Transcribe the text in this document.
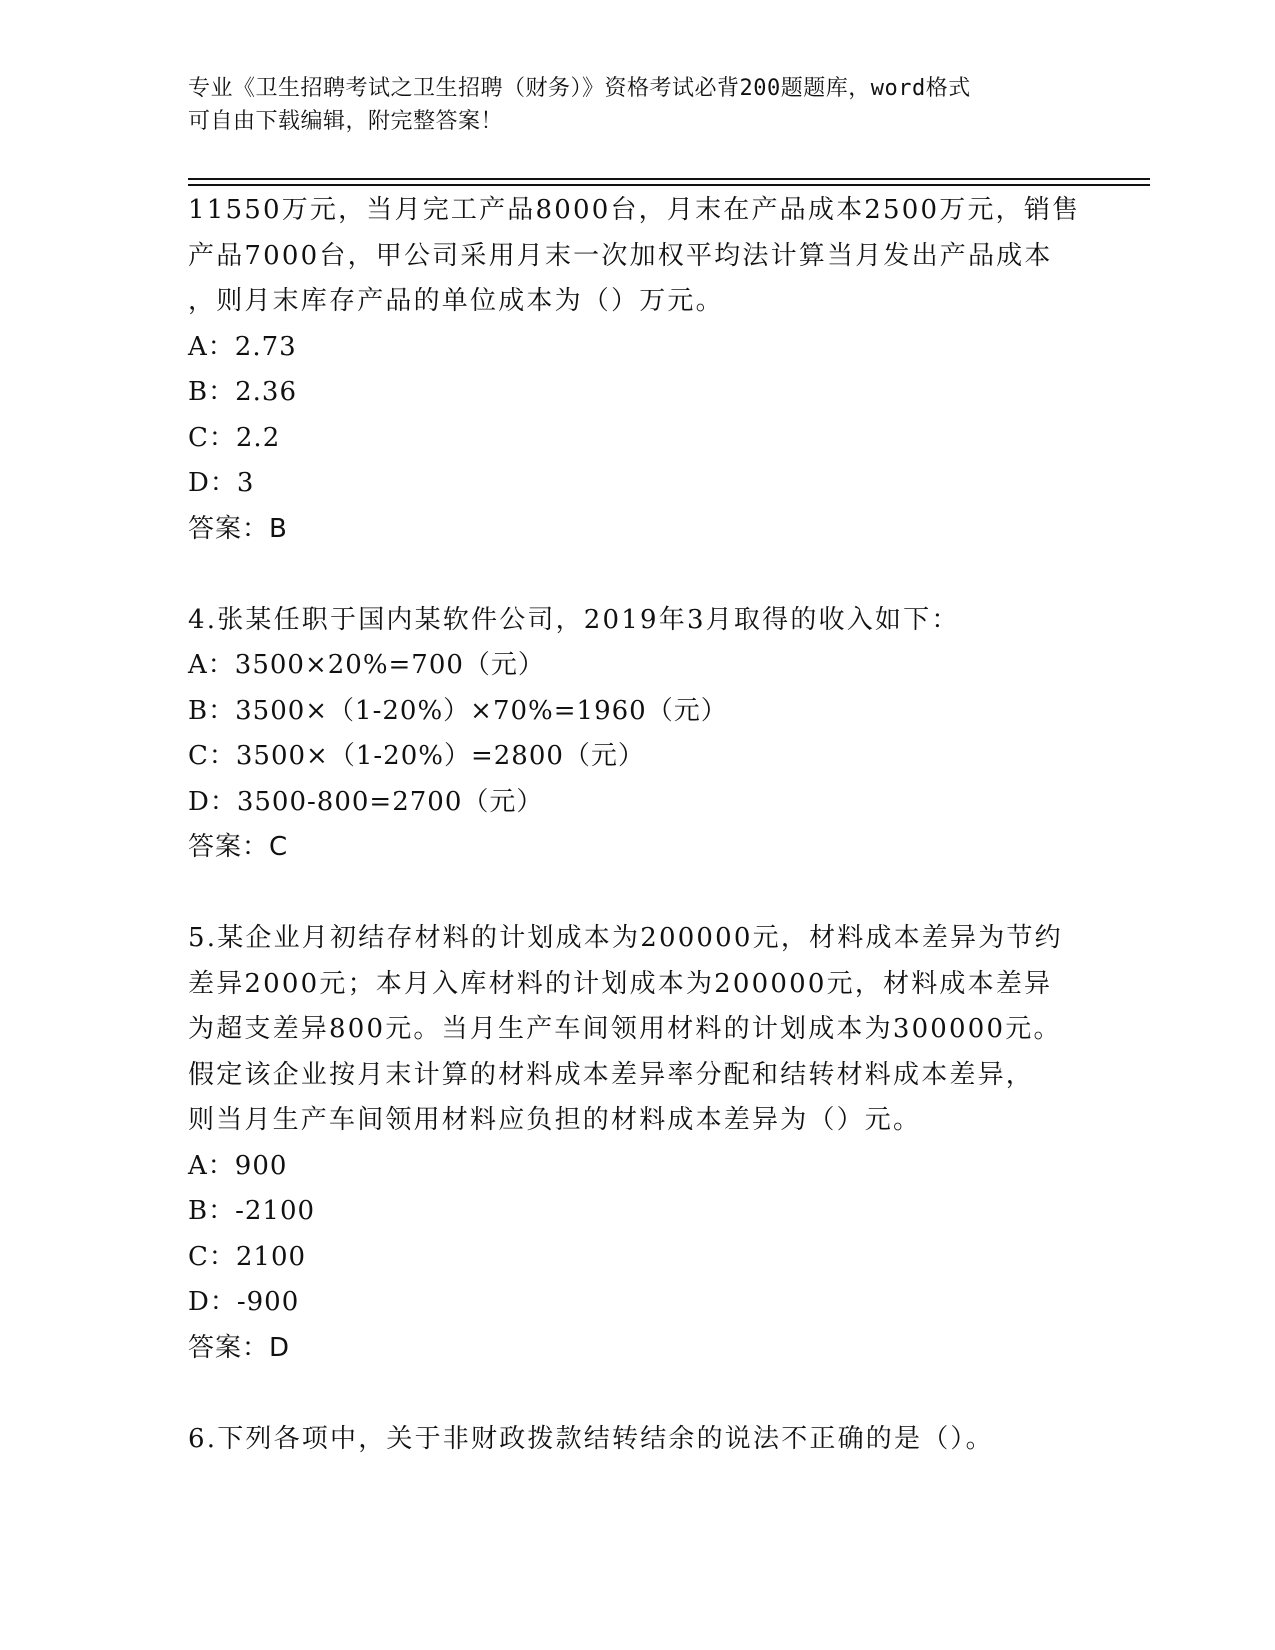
专业《卫生招聘考试之卫生招聘（财务）》资格考试必背200题题库，word格式
可自由下载编辑，附完整答案！
11550万元，当月完工产品8000台，月末在产品成本2500万元，销售
产品7000台，甲公司采用月末一次加权平均法计算当月发出产品成本
，则月末库存产品的单位成本为（）万元。
A：2.73
B：2.36
C：2.2
D：3
答案：B
4.张某任职于国内某软件公司，2019年3月取得的收入如下：
A：3500×20%=700（元）
B：3500×（1-20%）×70%=1960（元）
C：3500×（1-20%）=2800（元）
D：3500-800=2700（元）
答案：C
5.某企业月初结存材料的计划成本为200000元，材料成本差异为节约
差异2000元；本月入库材料的计划成本为200000元，材料成本差异
为超支差异800元。当月生产车间领用材料的计划成本为300000元。
假定该企业按月末计算的材料成本差异率分配和结转材料成本差异，
则当月生产车间领用材料应负担的材料成本差异为（）元。
A：900
B：-2100
C：2100
D：-900
答案：D
6.下列各项中，关于非财政拨款结转结余的说法不正确的是（）。
